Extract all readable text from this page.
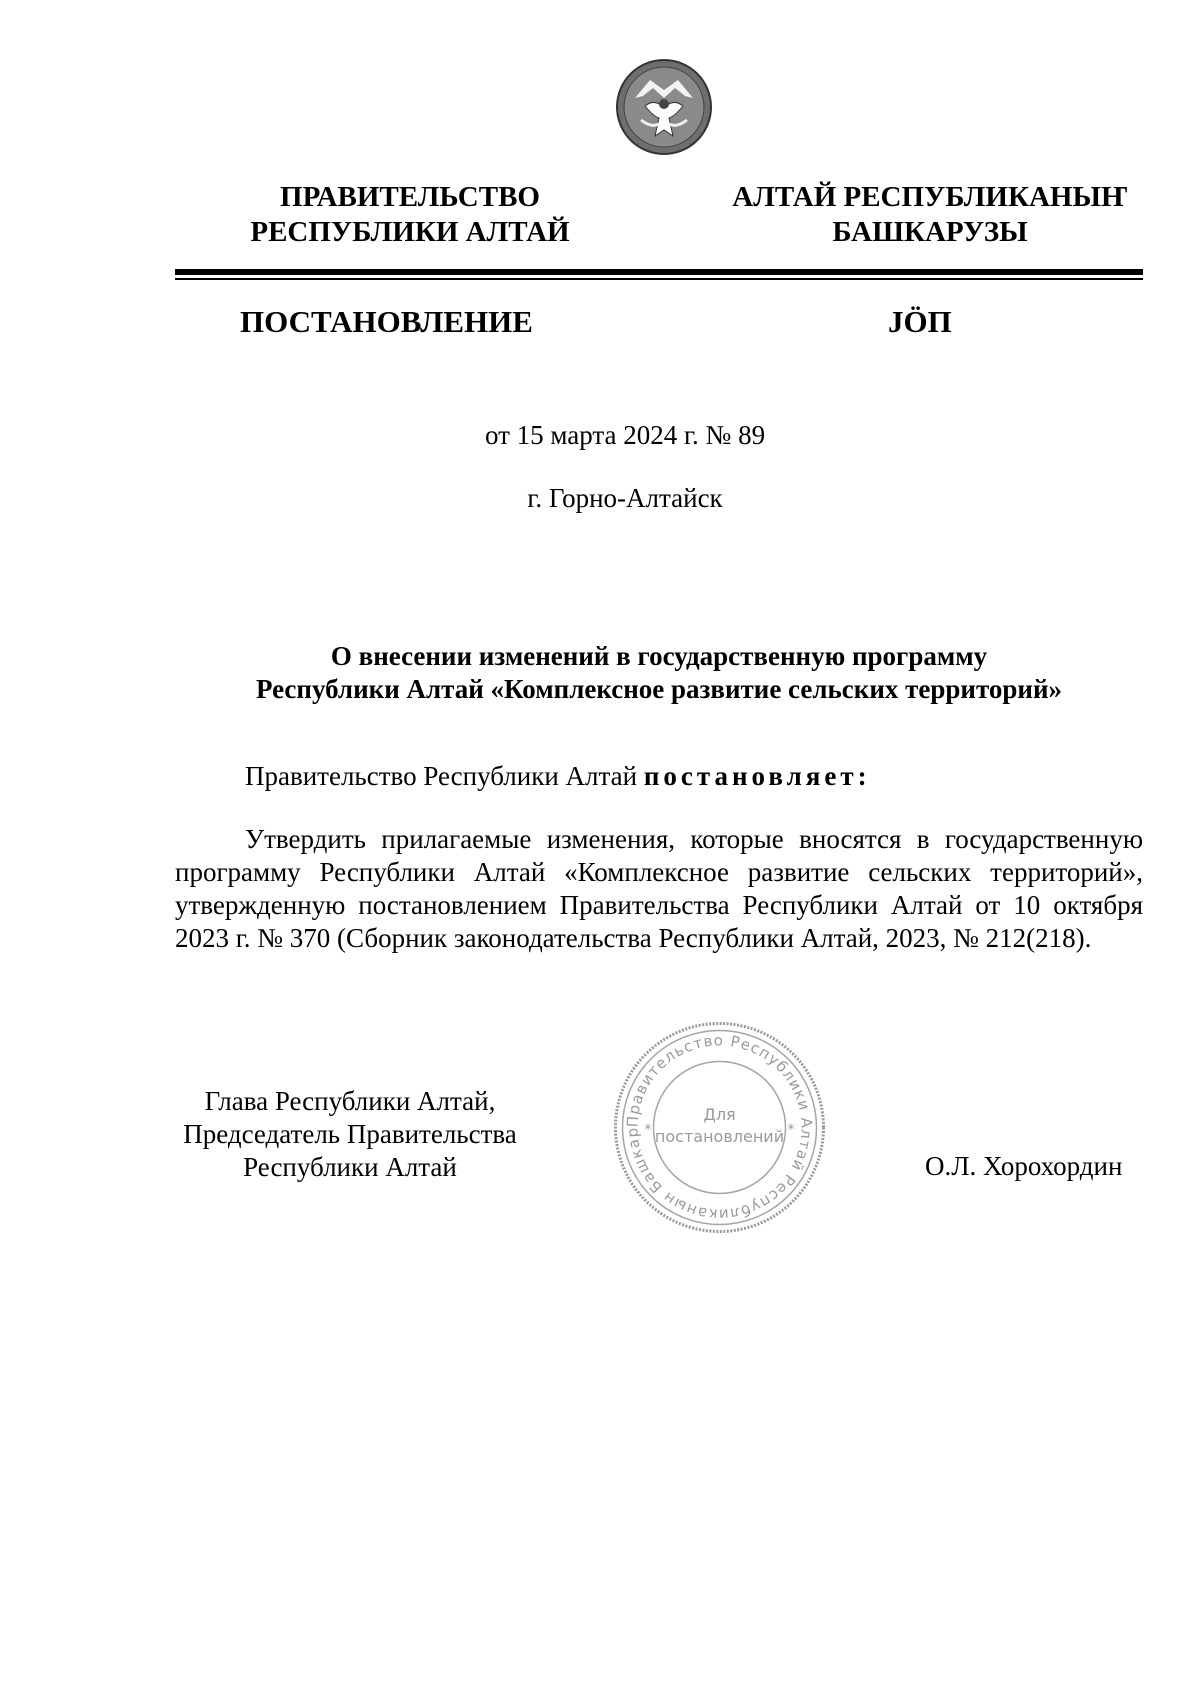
ПРАВИТЕЛЬСТВО
РЕСПУБЛИКИ АЛТАЙ
АЛТАЙ РЕСПУБЛИКАНЫҤ
БАШКАРУЗЫ
ПОСТАНОВЛЕНИЕ	JӦП
от 15 марта 2024 г. № 89
г. Горно-Алтайск
О внесении изменений в государственную программу
Республики Алтай «Комплексное развитие сельских территорий»
Правительство Республики Алтай постановляет:
Утвердить прилагаемые изменения, которые вносятся в государственную программу Республики Алтай «Комплексное развитие сельских территорий», утвержденную постановлением Правительства Республики Алтай от 10 октября 2023 г. № 370 (Сборник законодательства Республики Алтай, 2023, № 212(218).
Глава Республики Алтай,
Председатель Правительства
Республики Алтай
Правительство Республики Алтай Республиканын Башкар
Для
постановлений
*	*
О.Л. Хорохордин
